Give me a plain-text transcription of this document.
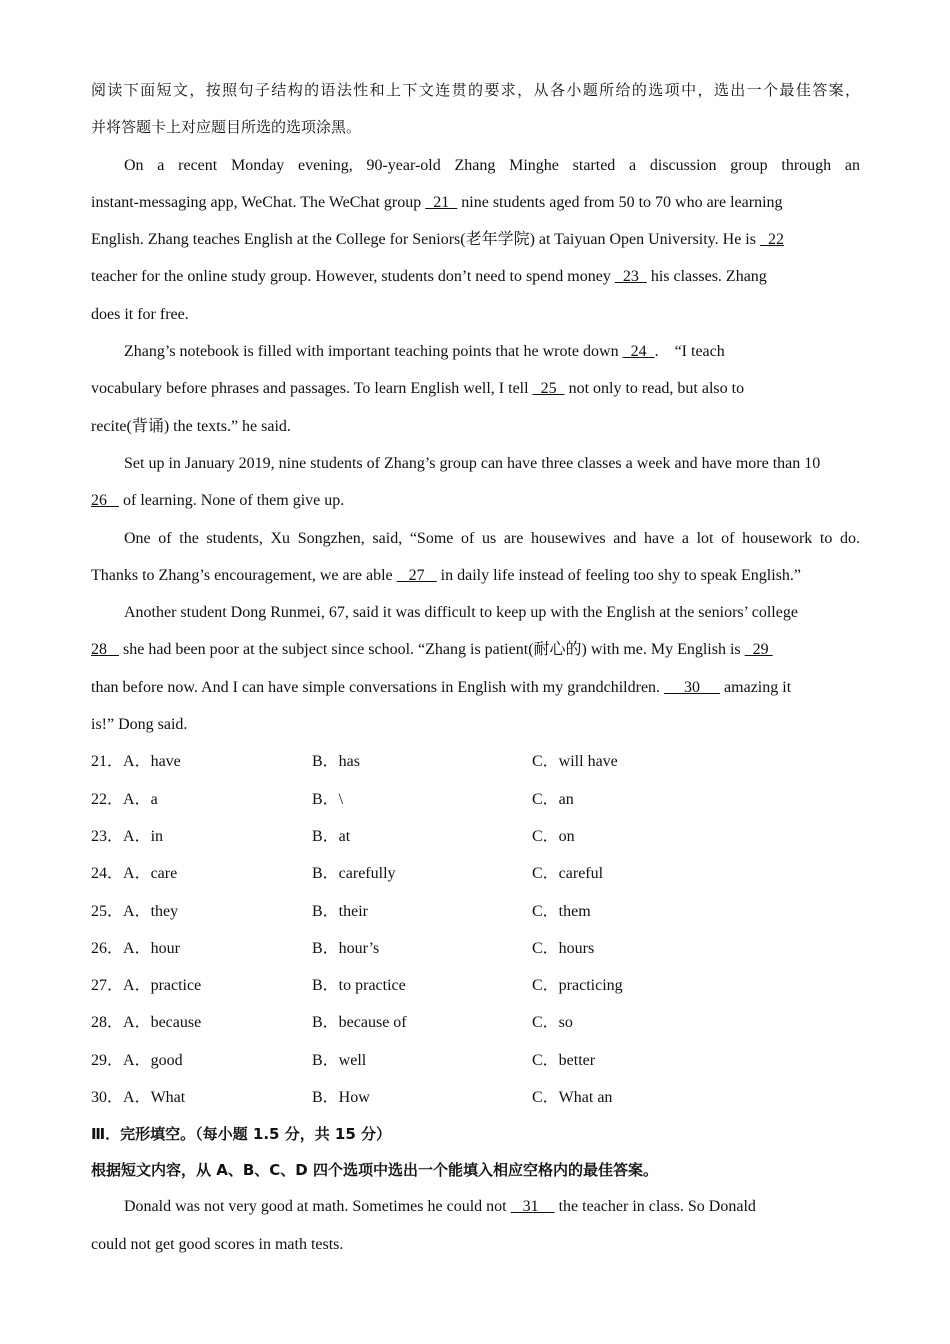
阅读下面短文，按照句子结构的语法性和上下文连贯的要求，从各小题所给的选项中，选出一个最佳答案，
并将答题卡上对应题目所选的选项涂黑。
On a recent Monday evening, 90-year-old Zhang Minghe started a discussion group through an
instant-messaging app, WeChat. The WeChat group   21   nine students aged from 50 to 70 who are learning
English. Zhang teaches English at the College for Seniors(老年学院) at Taiyuan Open University. He is   22
teacher for the online study group. However, students don’t need to spend money   23   his classes. Zhang
does it for free.
Zhang’s notebook is filled with important teaching points that he wrote down   24  .    “I teach
vocabulary before phrases and passages. To learn English well, I tell   25   not only to read, but also to
recite(背诵) the texts.” he said.
Set up in January 2019, nine students of Zhang’s group can have three classes a week and have more than 10
26    of learning. None of them give up.
One of the students, Xu Songzhen, said, “Some of us are housewives and have a lot of housework to do.
Thanks to Zhang’s encouragement, we are able    27    in daily life instead of feeling too shy to speak English.”
Another student Dong Runmei, 67, said it was difficult to keep up with the English at the seniors’ college
28    she had been poor at the subject since school. “Zhang is patient(耐心的) with me. My English is   29
than before now. And I can have simple conversations in English with my grandchildren.      30      amazing it
is!” Dong said.
21．A．have	B．has	C．will have
22．A．a	B．\	C．an
23．A．in	B．at	C．on
24．A．care	B．carefully	C．careful
25．A．they	B．their	C．them
26．A．hour	B．hour’s	C．hours
27．A．practice	B．to practice	C．practicing
28．A．because	B．because of	C．so
29．A．good	B．well	C．better
30．A．What	B．How	C．What an
Ⅲ．完形填空。（每小题 1.5 分，共 15 分）
根据短文内容，从 A、B、C、D 四个选项中选出一个能填入相应空格内的最佳答案。
Donald was not very good at math. Sometimes he could not    31     the teacher in class. So Donald
could not get good scores in math tests.
